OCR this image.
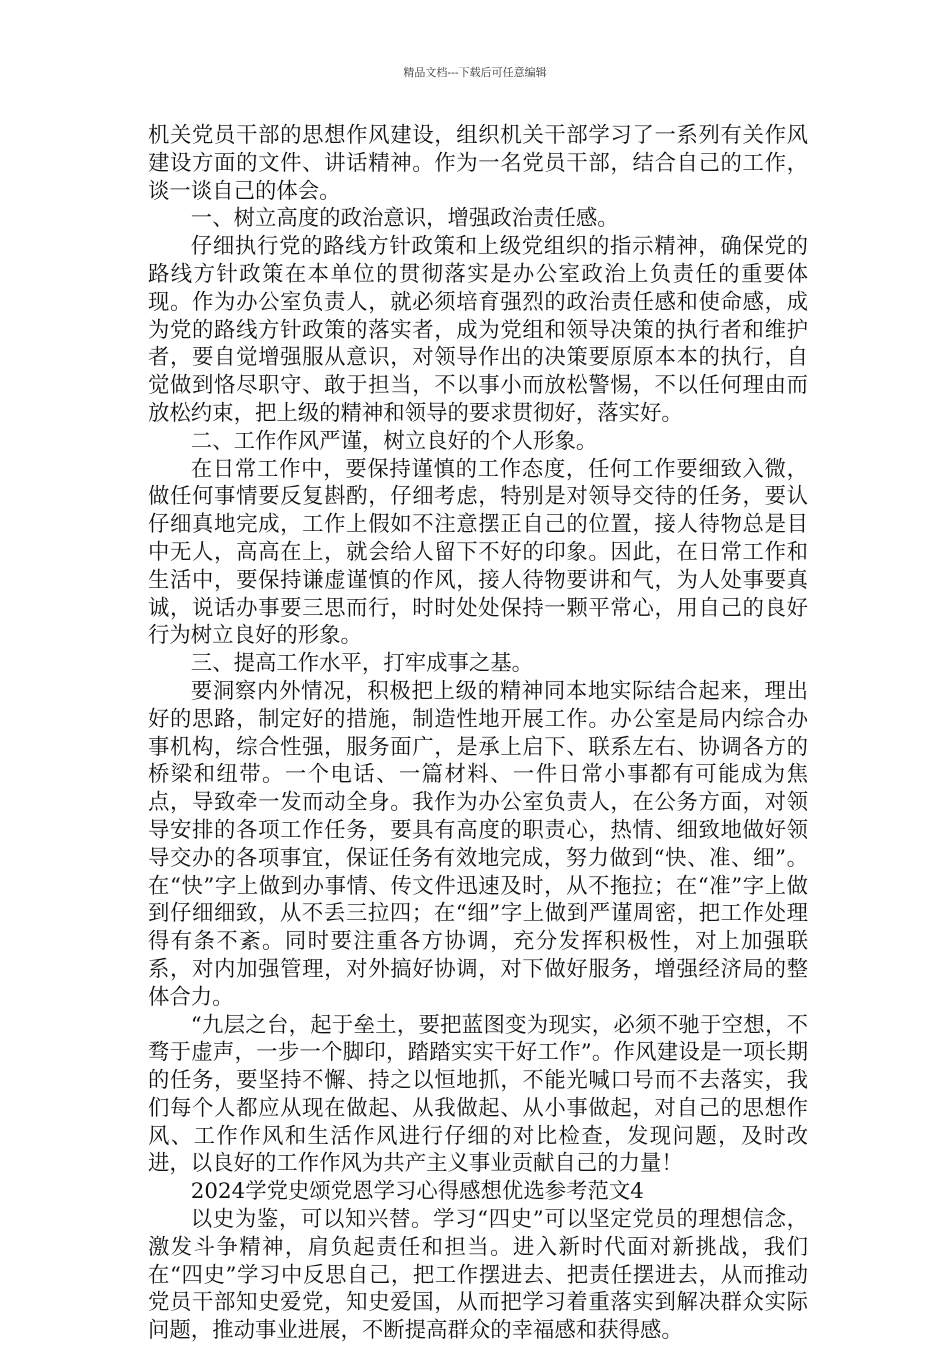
精品文档---下载后可任意编辑

机关党员干部的思想作风建设，组织机关干部学习了一系列有关作风建设方面的文件、讲话精神。作为一名党员干部，结合自己的工作，谈一谈自己的体会。

一、树立高度的政治意识，增强政治责任感。

仔细执行党的路线方针政策和上级党组织的指示精神，确保党的路线方针政策在本单位的贯彻落实是办公室政治上负责任的重要体现。作为办公室负责人，就必须培育强烈的政治责任感和使命感，成为党的路线方针政策的落实者，成为党组和领导决策的执行者和维护者，要自觉增强服从意识，对领导作出的决策要原原本本的执行，自觉做到恪尽职守、敢于担当，不以事小而放松警惕，不以任何理由而放松约束，把上级的精神和领导的要求贯彻好，落实好。

二、工作作风严谨，树立良好的个人形象。

在日常工作中，要保持谨慎的工作态度，任何工作要细致入微，做任何事情要反复斟酌，仔细考虑，特别是对领导交待的任务，要认仔细真地完成，工作上假如不注意摆正自己的位置，接人待物总是目中无人，高高在上，就会给人留下不好的印象。因此，在日常工作和生活中，要保持谦虚谨慎的作风，接人待物要讲和气，为人处事要真诚，说话办事要三思而行，时时处处保持一颗平常心，用自己的良好行为树立良好的形象。

三、提高工作水平，打牢成事之基。

要洞察内外情况，积极把上级的精神同本地实际结合起来，理出好的思路，制定好的措施，制造性地开展工作。办公室是局内综合办事机构，综合性强，服务面广，是承上启下、联系左右、协调各方的桥梁和纽带。一个电话、一篇材料、一件日常小事都有可能成为焦点，导致牵一发而动全身。我作为办公室负责人，在公务方面，对领导安排的各项工作任务，要具有高度的职责心，热情、细致地做好领导交办的各项事宜，保证任务有效地完成，努力做到“快、准、细”。在“快”字上做到办事情、传文件迅速及时，从不拖拉；在“准”字上做到仔细细致，从不丢三拉四；在“细”字上做到严谨周密，把工作处理得有条不紊。同时要注重各方协调，充分发挥积极性，对上加强联系，对内加强管理，对外搞好协调，对下做好服务，增强经济局的整体合力。

“九层之台，起于垒土，要把蓝图变为现实，必须不驰于空想，不骛于虚声，一步一个脚印，踏踏实实干好工作”。作风建设是一项长期的任务，要坚持不懈、持之以恒地抓，不能光喊口号而不去落实，我们每个人都应从现在做起、从我做起、从小事做起，对自己的思想作风、工作作风和生活作风进行仔细的对比检查，发现问题，及时改进，以良好的工作作风为共产主义事业贡献自己的力量！

2024学党史颂党恩学习心得感想优选参考范文4

以史为鉴，可以知兴替。学习“四史”可以坚定党员的理想信念，激发斗争精神，肩负起责任和担当。进入新时代面对新挑战，我们在“四史”学习中反思自己，把工作摆进去、把责任摆进去，从而推动党员干部知史爱党，知史爱国，从而把学习着重落实到解决群众实际问题，推动事业进展，不断提高群众的幸福感和获得感。
